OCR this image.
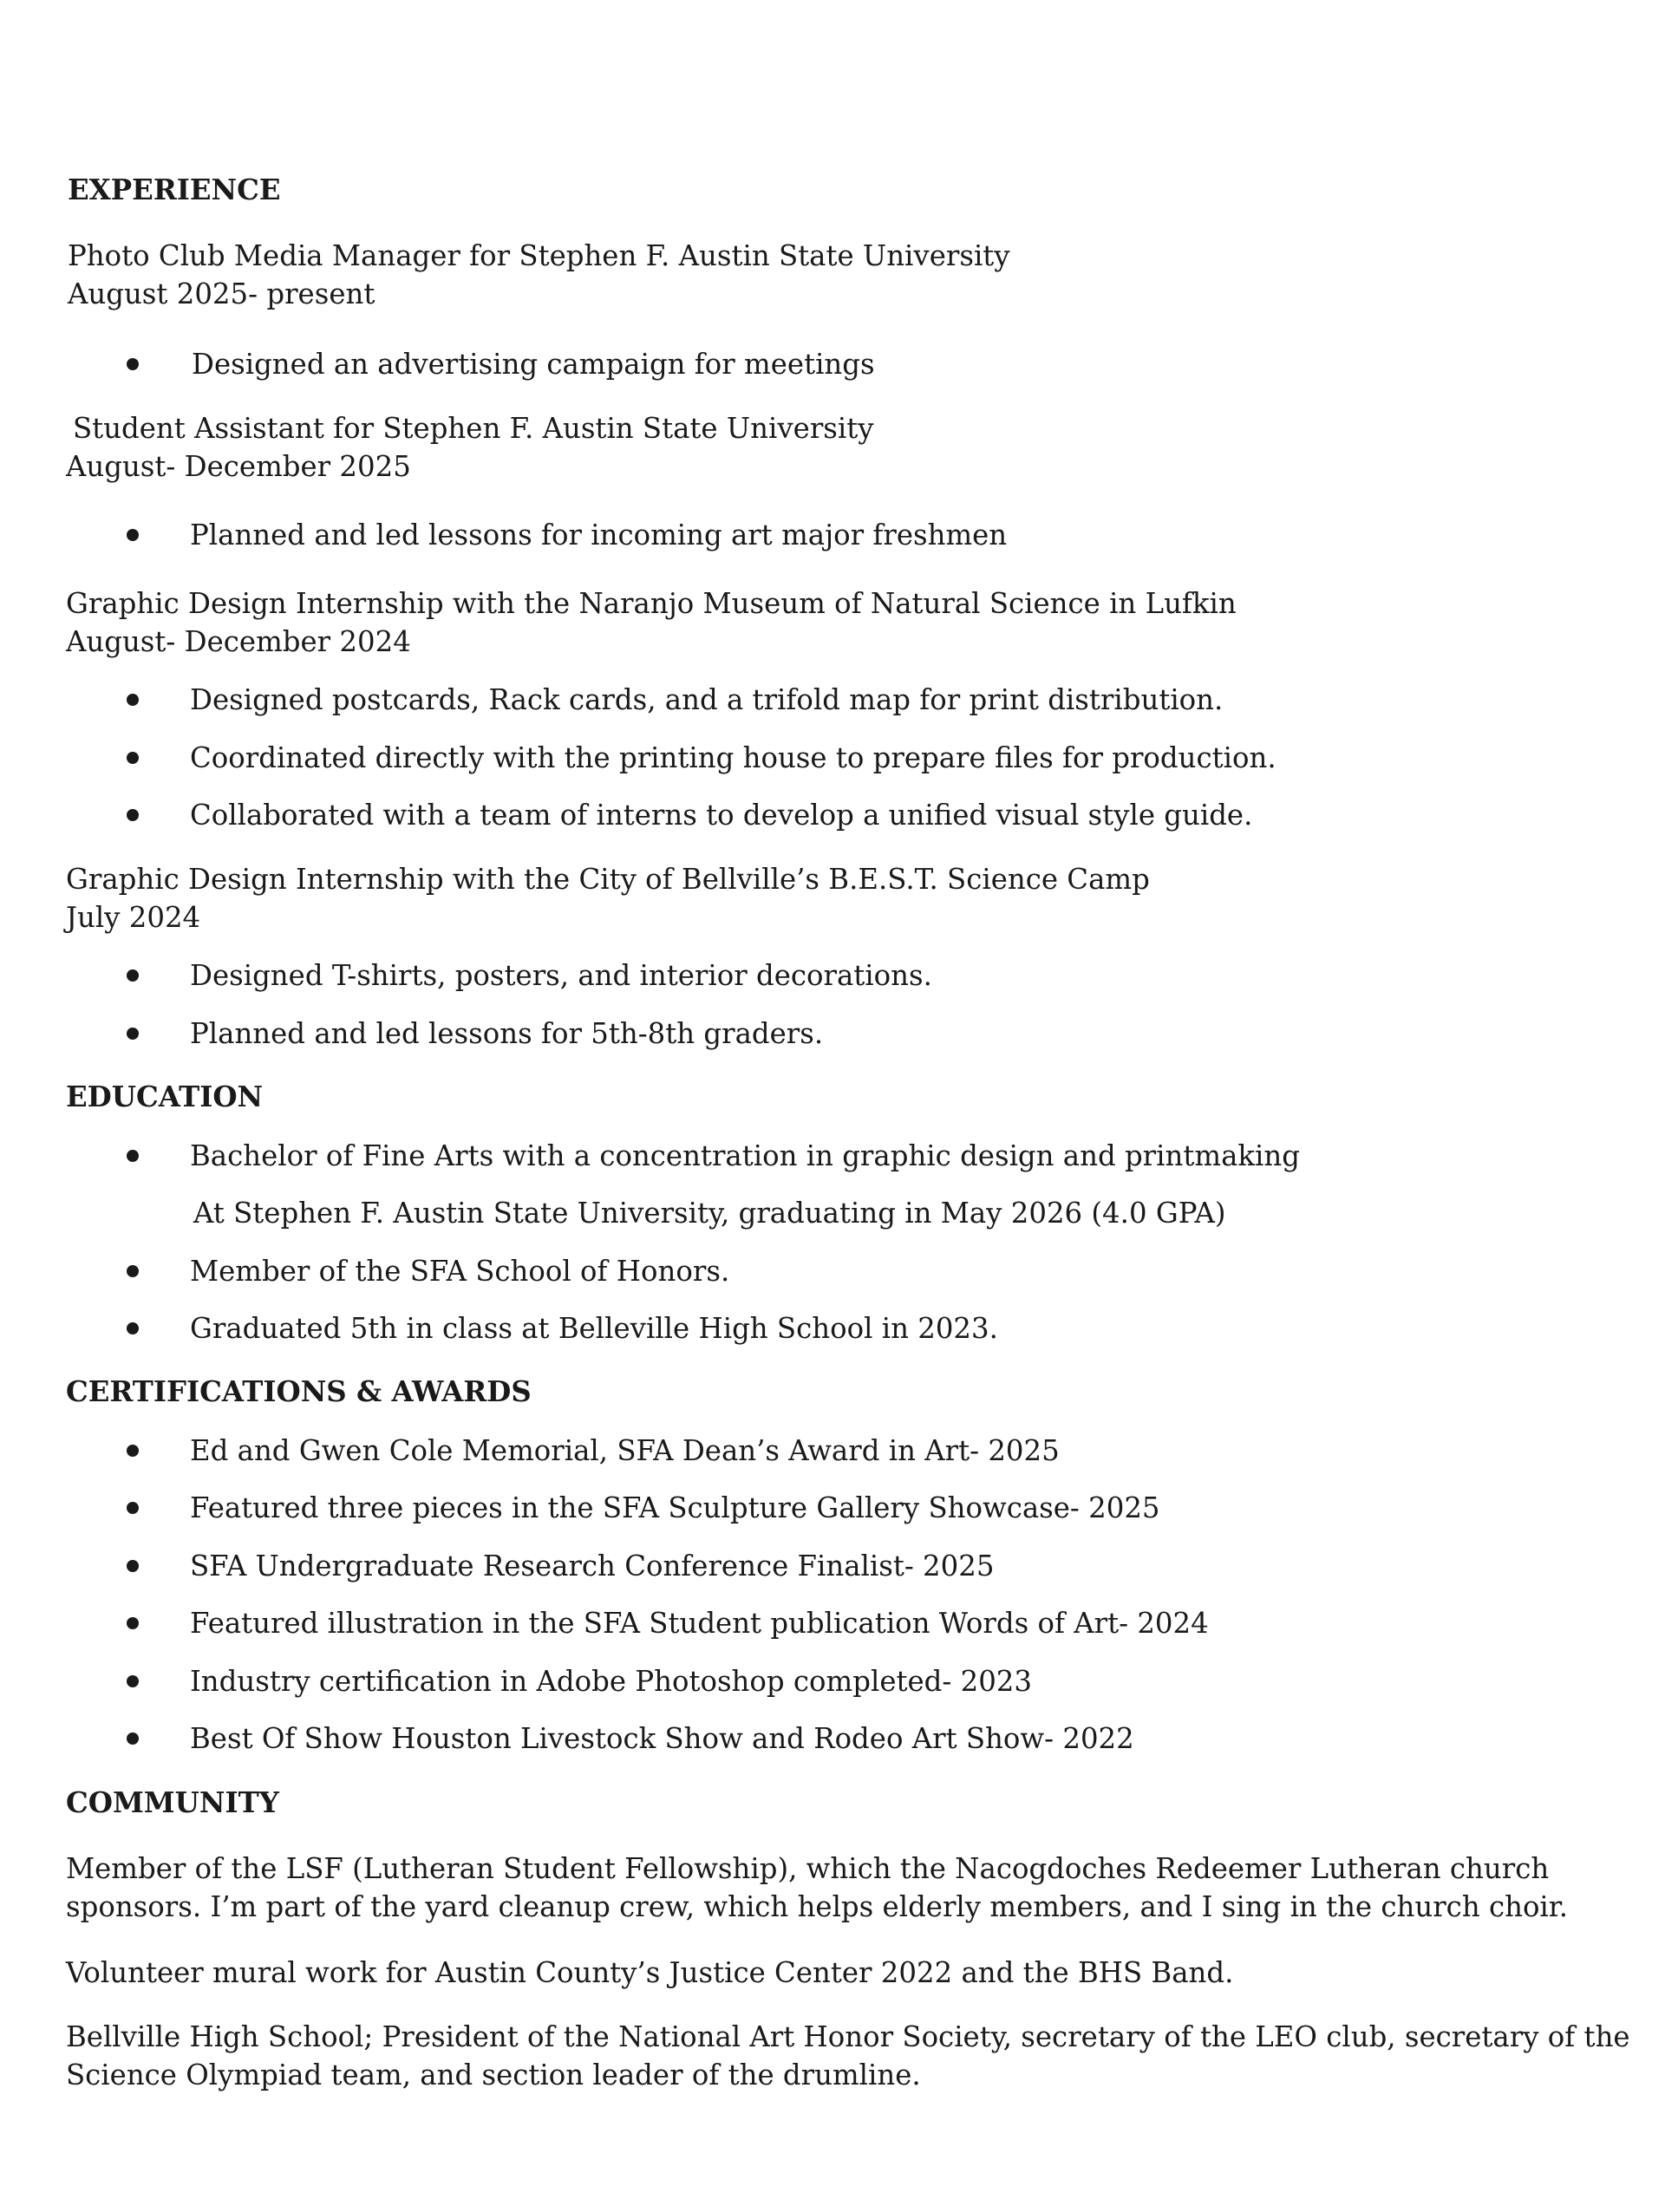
EXPERIENCE

Photo Club Media Manager for Stephen F. Austin State University

August 2025- present

Designed an advertising campaign for meetings

Student Assistant for Stephen F. Austin State University

August- December 2025

Planned and led lessons for incoming art major freshmen

Graphic Design Internship with the Naranjo Museum of Natural Science in Lufkin

August- December 2024

Designed postcards, Rack cards, and a trifold map for print distribution.

Coordinated directly with the printing house to prepare files for production.

Collaborated with a team of interns to develop a unified visual style guide.

Graphic Design Internship with the City of Bellville’s B.E.S.T. Science Camp

July 2024

Designed T-shirts, posters, and interior decorations.

Planned and led lessons for 5th-8th graders.

EDUCATION

Bachelor of Fine Arts with a concentration in graphic design and printmaking

At Stephen F. Austin State University, graduating in May 2026 (4.0 GPA)

Member of the SFA School of Honors.

Graduated 5th in class at Belleville High School in 2023.

CERTIFICATIONS & AWARDS

Ed and Gwen Cole Memorial, SFA Dean’s Award in Art- 2025

Featured three pieces in the SFA Sculpture Gallery Showcase- 2025

SFA Undergraduate Research Conference Finalist- 2025

Featured illustration in the SFA Student publication Words of Art- 2024

Industry certification in Adobe Photoshop completed- 2023

Best Of Show Houston Livestock Show and Rodeo Art Show- 2022

COMMUNITY

Member of the LSF (Lutheran Student Fellowship), which the Nacogdoches Redeemer Lutheran church

sponsors. I’m part of the yard cleanup crew, which helps elderly members, and I sing in the church choir.

Volunteer mural work for Austin County’s Justice Center 2022 and the BHS Band.

Bellville High School; President of the National Art Honor Society, secretary of the LEO club, secretary of the

Science Olympiad team, and section leader of the drumline.
